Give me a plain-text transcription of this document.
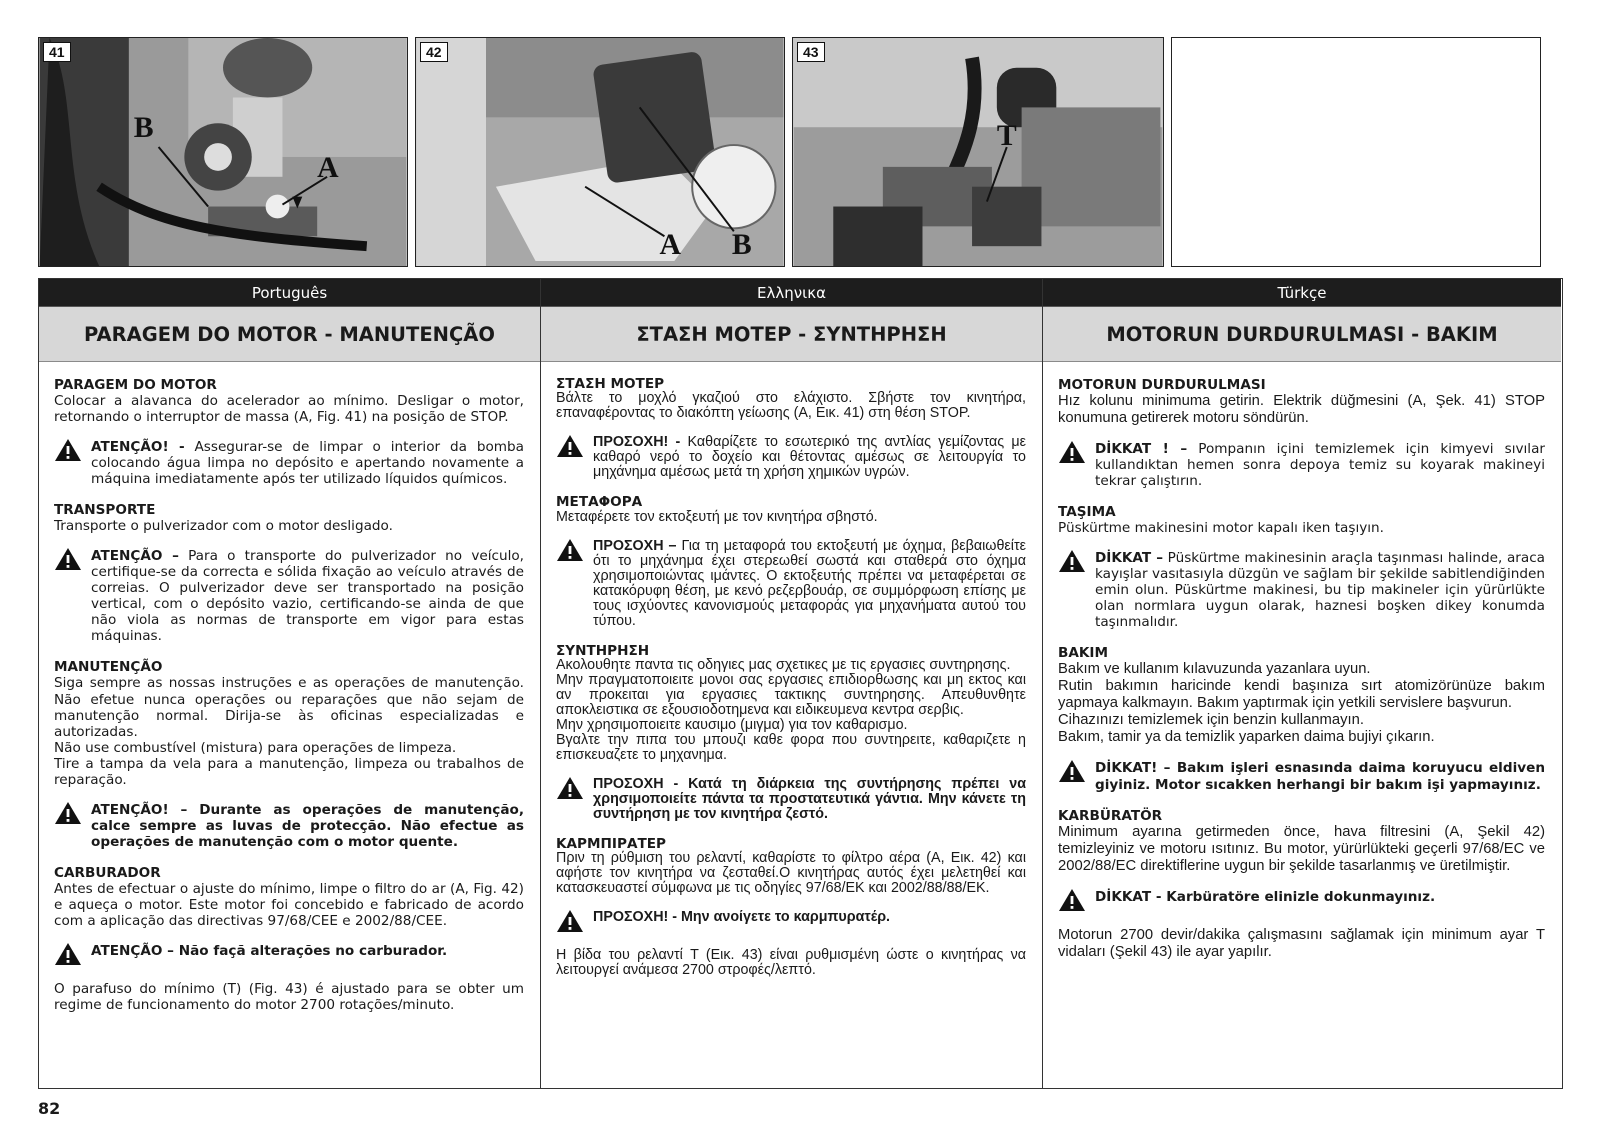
41
B
A
42
A B
43
T
Português
PARAGEM DO MOTOR - MANUTENÇÃO
PARAGEM DO MOTOR

Colocar a alavanca do acelerador ao mínimo. Desligar o motor, retornando o interruptor de massa (A, Fig. 41) na posição de STOP.

ATENÇÃO! - Assegurar-se de limpar o interior da bomba colocando água limpa no depósito e apertando novamente a máquina imediatamente após ter utilizado líquidos químicos.

TRANSPORTE

Transporte o pulverizador com o motor desligado.

ATENÇÃO – Para o transporte do pulverizador no veículo, certifique-se da correcta e sólida fixação ao veículo através de correias. O pulverizador deve ser transportado na posição vertical, com o depósito vazio, certificando-se ainda de que não viola as normas de transporte em vigor para estas máquinas.

MANUTENÇÃO

Siga sempre as nossas instruções e as operações de manutenção. Não efetue nunca operações ou reparações que não sejam de manutenção normal. Dirija-se às oficinas especializadas e autorizadas.

Não use combustível (mistura) para operações de limpeza.

Tire a tampa da vela para a manutenção, limpeza ou trabalhos de reparação.

ATENÇÃO! – Durante as operações de manutenção, calce sempre as luvas de protecção. Não efectue as operações de manutenção com o motor quente.

CARBURADOR

Antes de efectuar o ajuste do mínimo, limpe o filtro do ar (A, Fig. 42) e aqueça o motor. Este motor foi concebido e fabricado de acordo com a aplicação das directivas 97/68/CEE e 2002/88/CEE.

ATENÇÃO – Não façã alterações no carburador.

O parafuso do mínimo (T) (Fig. 43) é ajustado para se obter um regime de funcionamento do motor 2700 rotações/minuto.

Ελληνικα
ΣΤΑΣΗ ΜΟΤΕΡ - ΣΥΝΤΗΡΗΣΗ
ΣΤΑΣΗ ΜΟΤΕΡ

Βάλτε το μοχλό γκαζιού στο ελάχιστο. Σβήστε τον κινητήρα, επαναφέροντας το διακόπτη γείωσης (A, Εικ. 41) στη θέση STOP.

ΠΡΟΣΟΧΗ! - Καθαρίζετε το εσωτερικό της αντλίας γεμίζοντας με καθαρό νερό το δοχείο και θέτοντας αμέσως σε λειτουργία το μηχάνημα αμέσως μετά τη χρήση χημικών υγρών.

ΜΕΤΑΦΟΡΑ

Μεταφέρετε τον εκτοξευτή με τον κινητήρα σβηστό.

ΠΡΟΣΟΧΗ – Για τη μεταφορά του εκτοξευτή με όχημα, βεβαιωθείτε ότι το μηχάνημα έχει στερεωθεί σωστά και σταθερά στο όχημα χρησιμοποιώντας ιμάντες. Ο εκτοξευτής πρέπει να μεταφέρεται σε κατακόρυφη θέση, με κενό ρεζερβουάρ, σε συμμόρφωση επίσης με τους ισχύοντες κανονισμούς μεταφοράς για μηχανήματα αυτού του τύπου.

ΣΥΝΤΗΡΗΣΗ

Ακολουθητε παντα τις οδηγιες μας σχετικες με τις εργασιες συντηρησης.

Μην πραγματοποιειτε μονοι σας εργασιες επιδιορθωσης και μη εκτος και αν προκειται για εργασιες τακτικης συντηρησης. Απευθυνθητε αποκλειστικα σε εξουσιοδοτημενα και ειδικευμενα κεντρα σερβις.

Μην χρησιμοποιειτε καυσιμο (μιγμα) για τον καθαρισμο.

Βγαλτε την πιπα του μπουζι καθε φορα που συντηρειτε, καθαριζετε η επισκευαζετε το μηχανημα.

ΠΡΟΣΟΧΗ - Κατά τη διάρκεια της συντήρησης πρέπει να χρησιμοποιείτε πάντα τα προστατευτικά γάντια. Μην κάνετε τη συντήρηση με τον κινητήρα ζεστό.

ΚΑΡΜΠΙΡΑΤΕΡ

Πριν τη ρύθμιση του ρελαντί, καθαρίστε το φίλτρο αέρα (A, Εικ. 42) και αφήστε τον κινητήρα να ζεσταθεί.Ο κινητήρας αυτός έχει μελετηθεί και κατασκευαστεί σύμφωνα με τις οδηγίες 97/68/ΕΚ και 2002/88/88/ΕΚ.

ΠΡΟΣΟΧΗ! - Μην ανοίγετε το καρμπυρατέρ.

Η βίδα του ρελαντί T (Εικ. 43) είναι ρυθμισμένη ώστε ο κινητήρας να λειτουργεί ανάμεσα 2700 στροφές/λεπτό.

Türkçe
MOTORUN DURDURULMASI - BAKIM
MOTORUN DURDURULMASI

Hız kolunu minimuma getirin. Elektrik düğmesini (A, Şek. 41) STOP konumuna getirerek motoru söndürün.

DİKKAT ! – Pompanın içini temizlemek için kimyevi sıvılar kullandıktan hemen sonra depoya temiz su koyarak makineyi tekrar çalıştırın.

TAŞIMA

Püskürtme makinesini motor kapalı iken taşıyın.

DİKKAT – Püskürtme makinesinin araçla taşınması halinde, araca kayışlar vasıtasıyla düzgün ve sağlam bir şekilde sabitlendiğinden emin olun. Püskürtme makinesi, bu tip makineler için yürürlükte olan normlara uygun olarak, haznesi boşken dikey konumda taşınmalıdır.

BAKIM

Bakım ve kullanım kılavuzunda yazanlara uyun.

Rutin bakımın haricinde kendi başınıza sırt atomizörünüze bakım yapmaya kalkmayın. Bakım yaptırmak için yetkili servislere başvurun.

Cihazınızı temizlemek için benzin kullanmayın.

Bakım, tamir ya da temizlik yaparken daima bujiyi çıkarın.

DİKKAT! – Bakım işleri esnasında daima koruyucu eldiven giyiniz. Motor sıcakken herhangi bir bakım işi yapmayınız.

KARBÜRATÖR

Minimum ayarına getirmeden önce, hava filtresini (A, Şekil 42) temizleyiniz ve motoru ısıtınız. Bu motor, yürürlükteki geçerli 97/68/EC ve 2002/88/EC direktiflerine uygun bir şekilde tasarlanmış ve üretilmiştir.

DİKKAT - Karbüratöre elinizle dokunmayınız.

Motorun 2700 devir/dakika çalışmasını sağlamak için minimum ayar T vidaları (Şekil 43) ile ayar yapılır.

82
